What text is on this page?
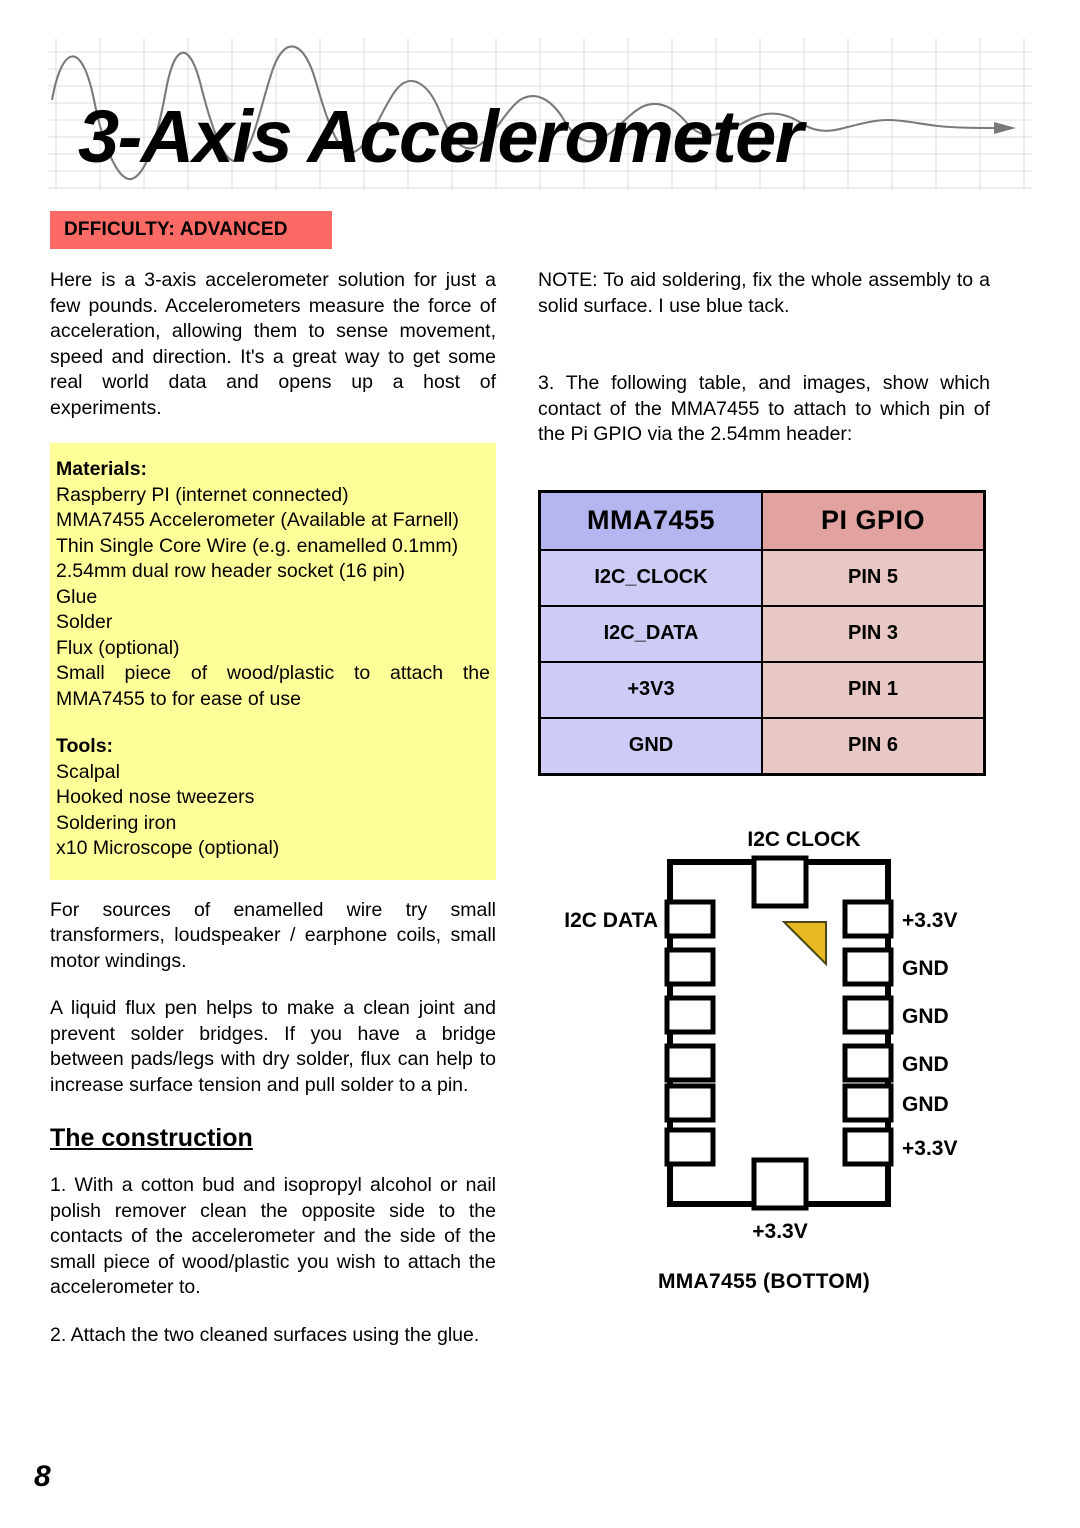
3-Axis Accelerometer
DFFICULTY: ADVANCED

Here is a 3-axis accelerometer solution for just a few pounds. Accelerometers measure the force of acceleration, allowing them to sense movement, speed and direction. It's a great way to get some real world data and opens up a host of experiments.

Materials:
Raspberry PI (internet connected)
MMA7455 Accelerometer (Available at Farnell)
Thin Single Core Wire (e.g. enamelled 0.1mm)
2.54mm dual row header socket (16 pin)
Glue
Solder
Flux (optional)
Small piece of wood/plastic to attach the MMA7455 to for ease of use
Tools:
Scalpal
Hooked nose tweezers
Soldering iron
x10 Microscope (optional)

For sources of enamelled wire try small transformers, loudspeaker / earphone coils, small motor windings.

A liquid flux pen helps to make a clean joint and prevent solder bridges. If you have a bridge between pads/legs with dry solder, flux can help to increase surface tension and pull solder to a pin.

The construction

1. With a cotton bud and isopropyl alcohol or nail polish remover clean the opposite side to the contacts of the accelerometer and the side of the small piece of wood/plastic you wish to attach the accelerometer to.

2. Attach the two cleaned surfaces using the glue.

NOTE: To aid soldering, fix the whole assembly to a solid surface. I use blue tack.

3. The following table, and images, show which contact of the MMA7455 to attach to which pin of the Pi GPIO via the 2.54mm header:

MMA7455	PI GPIO
I2C_CLOCK	PIN 5
I2C_DATA	PIN 3
+3V3	PIN 1
GND	PIN 6
I2C CLOCK
I2C DATA	+3.3V
GND
GND
GND
GND
+3.3V
+3.3V
MMA7455 (BOTTOM)
8
